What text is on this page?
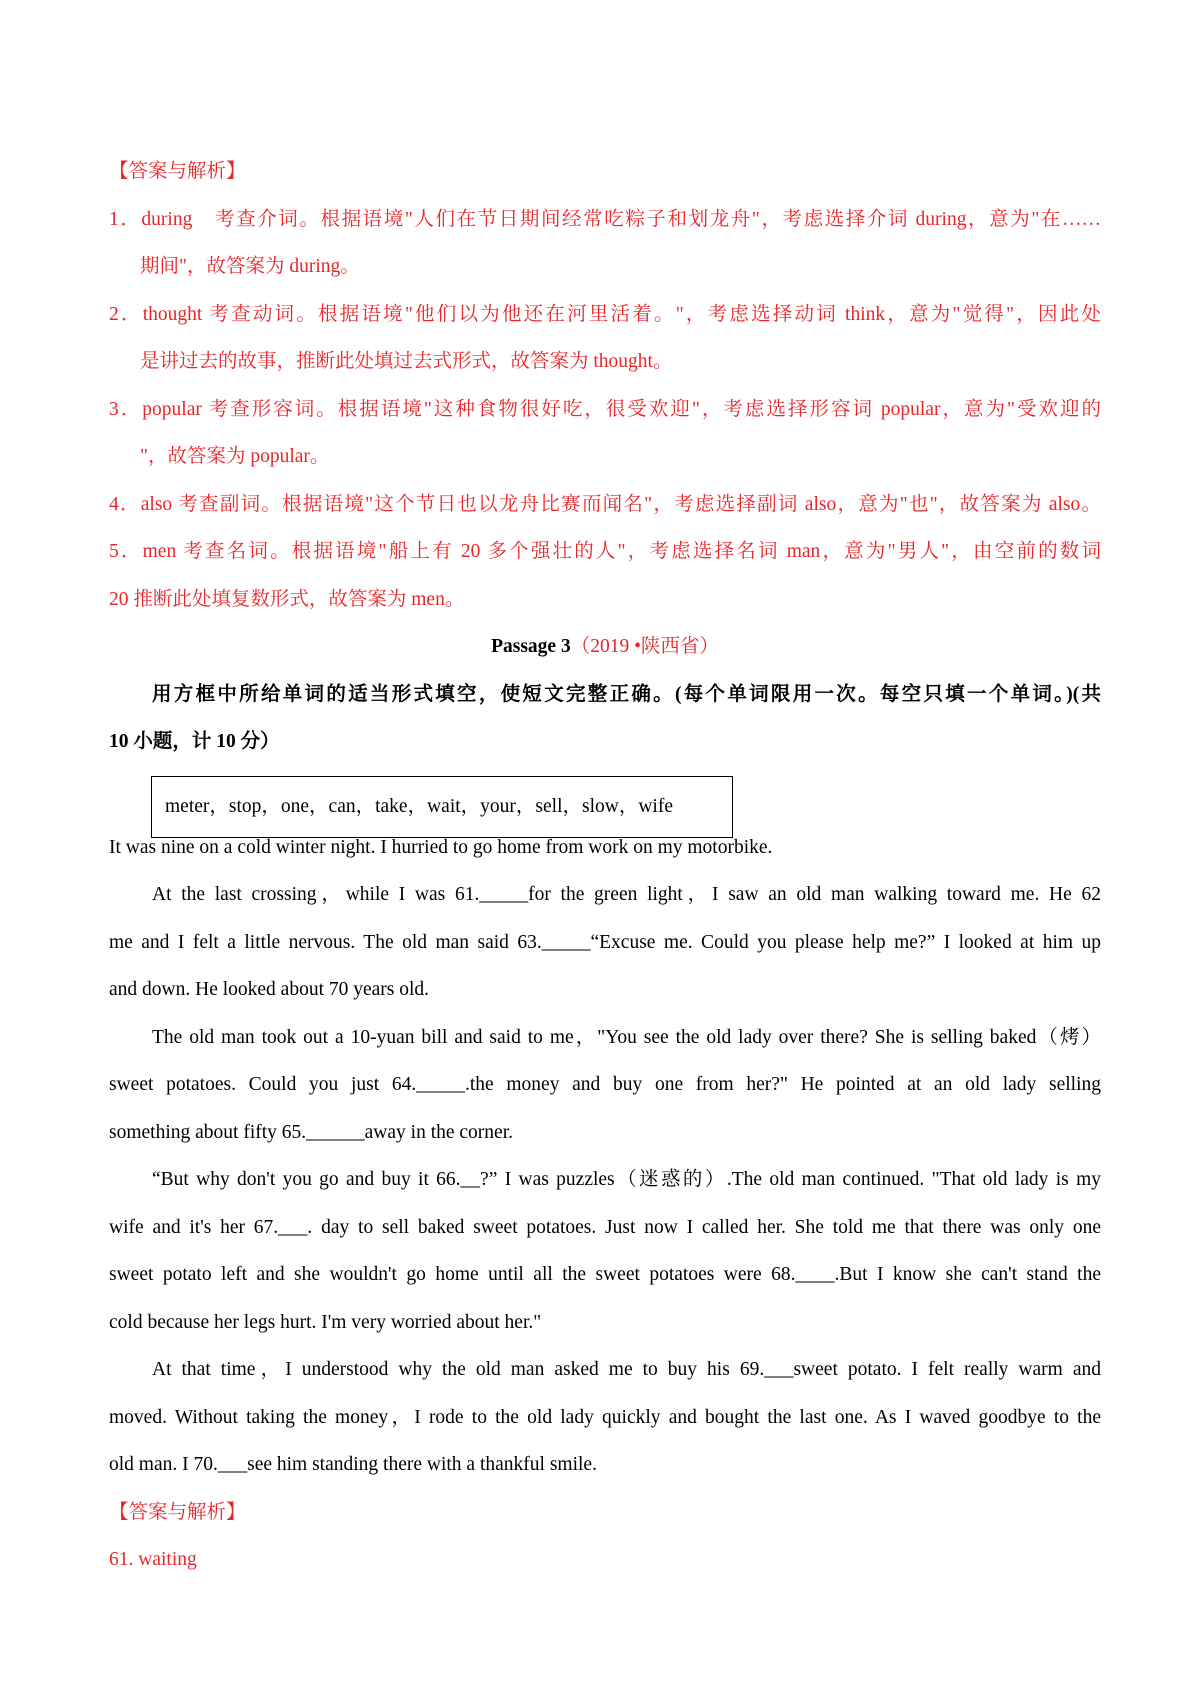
【答案与解析】

1．during　考查介词。根据语境"人们在节日期间经常吃粽子和划龙舟"，考虑选择介词 during，意为"在……

期间"，故答案为 during。

2．thought 考查动词。根据语境"他们以为他还在河里活着。"，考虑选择动词 think，意为"觉得"，因此处

是讲过去的故事，推断此处填过去式形式，故答案为 thought。

3．popular 考查形容词。根据语境"这种食物很好吃，很受欢迎"，考虑选择形容词 popular，意为"受欢迎的

"，故答案为 popular。

4．also 考查副词。根据语境"这个节日也以龙舟比赛而闻名"，考虑选择副词 also，意为"也"，故答案为 also。

5．men 考查名词。根据语境"船上有 20 多个强壮的人"，考虑选择名词 man，意为"男人"，由空前的数词

20 推断此处填复数形式，故答案为 men。

Passage 3（2019 •陕西省）

用方框中所给单词的适当形式填空，使短文完整正确。(每个单词限用一次。每空只填一个单词。)(共

10 小题，计 10 分）

meter，stop，one，can，take，wait，your，sell，slow，wife

It was nine on a cold winter night. I hurried to go home from work on my motorbike.

At the last crossing，while I was 61._____for the green light，I saw an old man walking toward me. He 62

me and I felt a little nervous. The old man said 63._____“Excuse me. Could you please help me?” I looked at him up

and down. He looked about 70 years old.

The old man took out a 10-yuan bill and said to me，"You see the old lady over there? She is selling baked（烤）

sweet potatoes. Could you just 64._____.the money and buy one from her?" He pointed at an old lady selling

something about fifty 65.______away in the corner.

“But why don't you go and buy it 66.__?” I was puzzles（迷惑的）.The old man continued. "That old lady is my

wife and it's her 67.___. day to sell baked sweet potatoes. Just now I called her. She told me that there was only one

sweet potato left and she wouldn't go home until all the sweet potatoes were 68.____.But I know she can't stand the

cold because her legs hurt. I'm very worried about her."

At that time，I understood why the old man asked me to buy his 69.___sweet potato. I felt really warm and

moved. Without taking the money，I rode to the old lady quickly and bought the last one. As I waved goodbye to the

old man. I 70.___see him standing there with a thankful smile.

【答案与解析】

61. waiting
